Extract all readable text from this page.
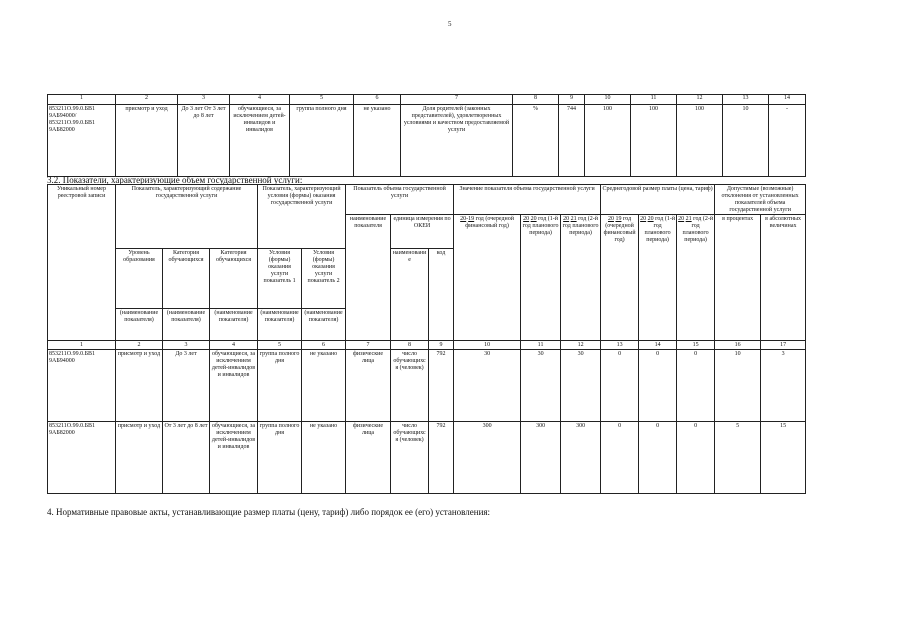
5
1	2	3	4	5	6	7	8	9	10	11	12	13	14
853211О.99.0.БВ1 9АБ94000/ 853211О.99.0.БВ1 9АБ82000	присмотр и уход	До 3 лет От 3 лет до 8 лет	обучающиеся, за исключением детей-инвалидов и инвалидов	группа полного дня	не указано	Доля родителей (законных представителей), удовлетворенных условиями и качеством предоставляемой услуги	%	744	100	100	100	10	-
3.2. Показатели, характеризующие объем государственной услуги:
Уникальный номер реестровой записи	Показатель, характеризующий содержание государственной услуги			Показатель, характеризующий условия (формы) оказания государственной услуги		Показатель объема государственной услуги			Значение показателя объема государственной услуги			Среднегодовой размер платы (цена, тариф)			Допустимые (возможные) отклонения от установленных показателей объема государственной услуги	
						наименование показателя	единица измерения по ОКЕИ		20-19 год (очередной финансовый год)	20 20 год (1-й год планового периода)	20 21 год (2-й год планового периода)	20 19 год (очередной финансовый год)	20 20 год (1-й год планового периода)	20 21 год (2-й год планового периода)	в процентах	в абсолютных величинах
	Уровень образования	Категория обучающихся	Категория обучающихся	Условия (формы) оказания услуги показатель 1	Условия (формы) оказания услуги показатель 2		наименование	код								
	(наименование показателя)	(наименование показателя)	(наименование показателя)	(наименование показателя)	(наименование показателя)											
1	2	3	4	5	6	7	8	9	10	11	12	13	14	15	16	17
853211О.99.0.БВ1 9АБ94000	присмотр и уход	До 3 лет	обучающиеся, за исключением детей-инвалидов и инвалидов	группа полного дня	не указано	физические лица	число обучающихся (человек)	792	30	30	30	0	0	0	10	3
853211О.99.0.БВ1 9АБ82000	присмотр и уход	От 3 лет до 8 лет	обучающиеся, за исключением детей-инвалидов и инвалидов	группа полного дня	не указано	физические лица	число обучающихся (человек)	792	300	300	300	0	0	0	5	15
4. Нормативные правовые акты, устанавливающие размер платы (цену, тариф) либо порядок ее (его) установления:
